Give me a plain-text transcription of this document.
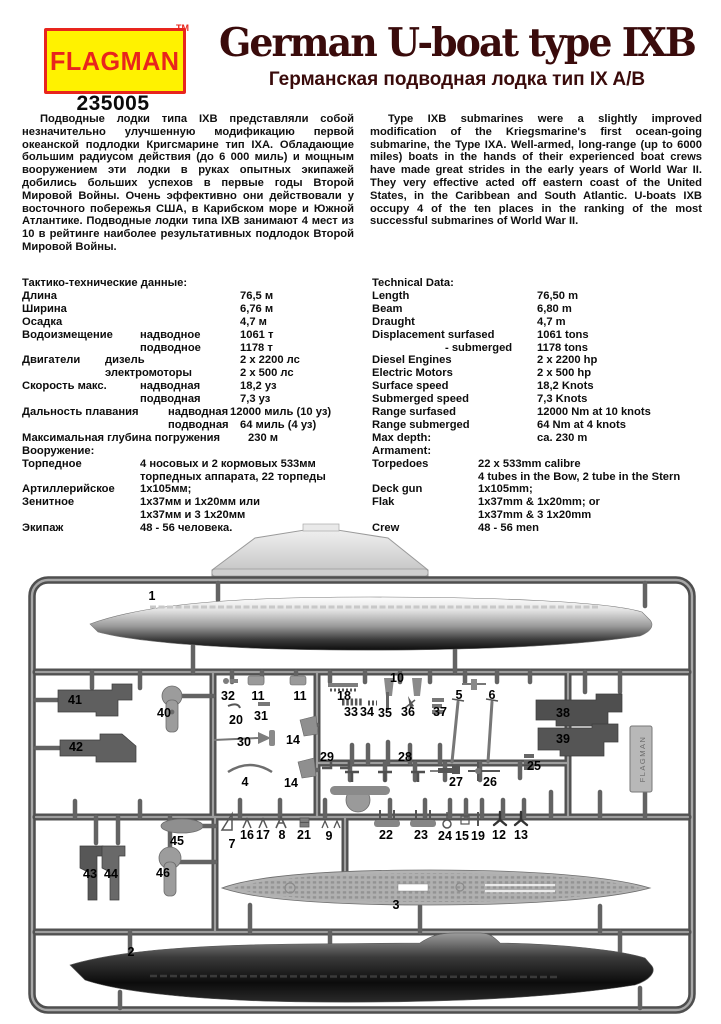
FLAGMAN
TM
235005
German U-boat type IXB
Германская подводная лодка тип IX A/B
Подводные лодки типа IXB представляли собой незначительно улучшенную модификацию первой океанской подлодки Кригсмарине тип IXA. Обладающие большим радиусом действия (до 6 000 миль) и мощным вооружением эти лодки в руках опытных экипажей добились больших успехов в первые годы Второй Мировой Войны. Очень эффективно они действовали у восточного побережья США, в Карибском море и Южной Атлантике. Подводные лодки типа IXB занимают 4 мест из 10 в рейтинге наиболее результативных подлодок Второй Мировой Войны.
Type IXB submarines were a slightly improved modification of the Kriegsmarine's first ocean-going submarine, the Type IXA. Well-armed, long-range (up to 6000 miles) boats in the hands of their experienced boat crews have made great strides in the early years of World War II. They very effective acted off eastern coast of the United States, in the Caribbean and South Atlantic. U-boats IXB occupy 4 of the ten places in the ranking of the most successful submarines of World War II.
Тактико-технические данные:
Длина	76,5 м
Ширина	6,76 м
Осадка	4,7 м
Водоизмещение надводное	1061 т
подводное	1178 т
Двигатели дизель	2 х 2200 лс
электромоторы	2 х 500 лс
Скорость макс.	надводная	18,2 уз
подводная	7,3 уз
Дальность плавания	надводная 12000 миль (10 уз)
подводная 64 миль (4 уз)
Максимальная глубина погружения 230 м
Вооружение:
Торпедное	4 носовых и 2 кормовых 533мм
торпедных аппарата, 22 торпеды
Артиллерийское 1х105мм;
Зенитное	1х37мм и 1х20мм или
1х37мм и 3 1х20мм
Экипаж	48 - 56 человека.
Technical Data:
Length	76,50 m
Beam	6,80 m
Draught	4,7 m
Displacement surfased	1061 tons
- submerged 1178 tons
Diesel Engines	2 x 2200 hp
Electric Motors	2 x 500 hp
Surface speed	18,2 Knots
Submerged speed	7,3 Knots
Range surfased	12000 Nm at 10 knots
Range submerged	64 Nm at 4 knots
Max depth:	ca. 230 m
Armament:
Torpedoes	22 x 533mm calibre
4 tubes in the Bow, 2 tube in the Stern
Deck gun	1x105mm;
Flak	1x37mm & 1x20mm; or
1x37mm & 3 1x20mm
Crew	48 - 56 men
FLAGMAN
1
2
3
4
5 6
7
8	9
10
11 11
12 13
14
14
15
16 17
18
19
20
21	22 23 24
25
26
27
28
29
30
31
32
33 34 35 36 37	38
39
40
41
42
43 44
45
46
